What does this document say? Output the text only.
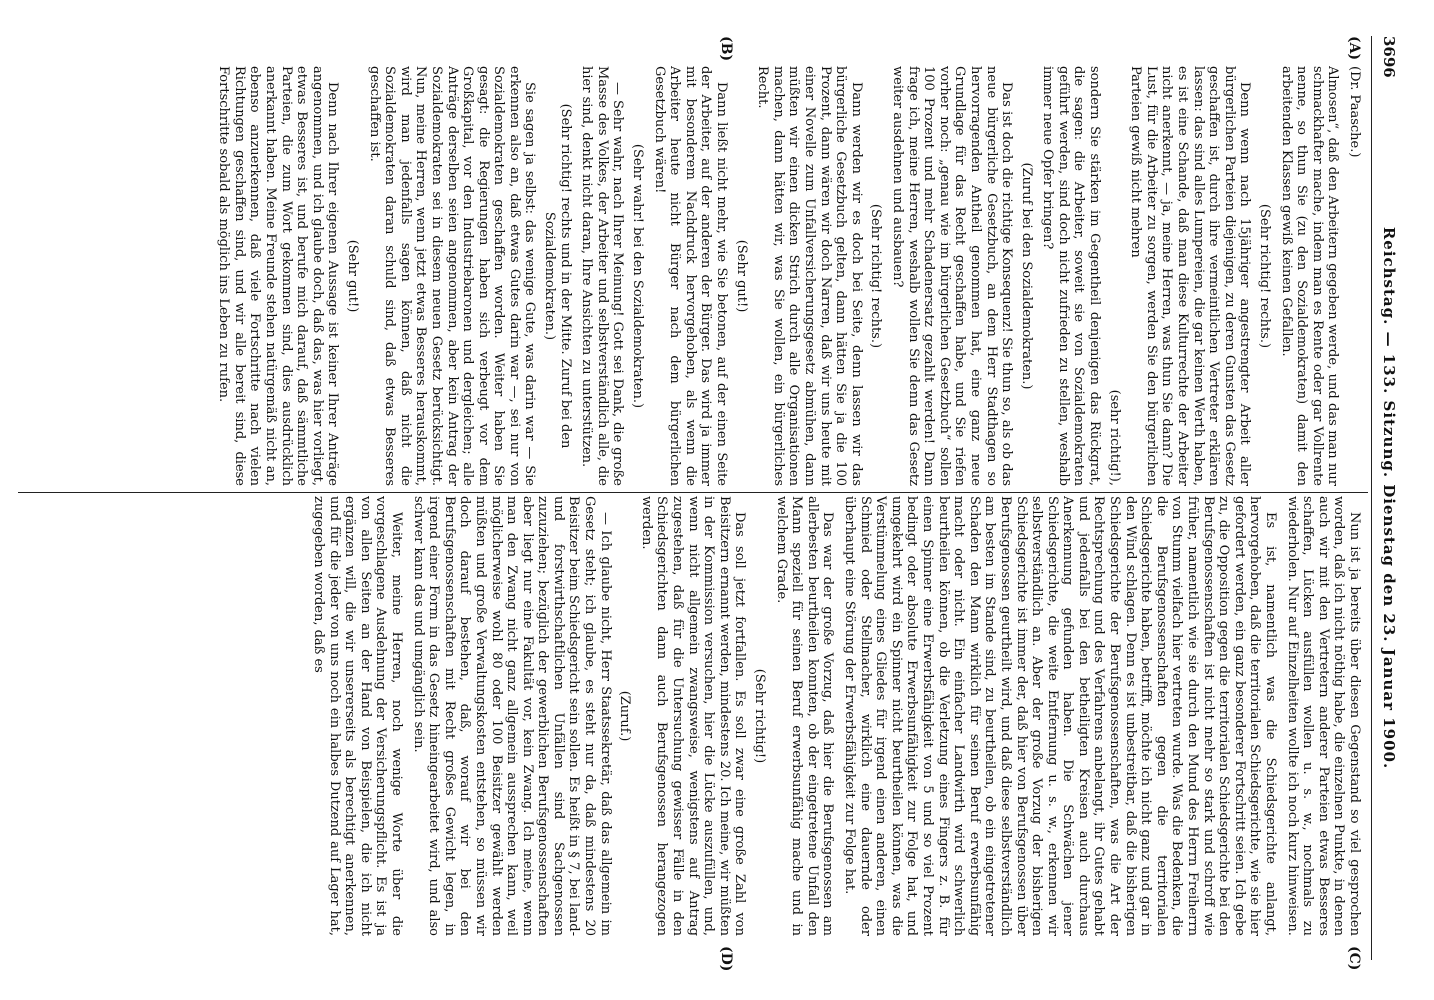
3696
Reichstag. — 133. Sitzung. Dienstag den 23. Januar 1900.
(A)
(B)
(C)
(D)

(Dr. Paasche.)

Almosen“, daß den Arbeitern gegeben werde, und das man nur schmackhafter mache, indem man es Rente oder gar Vollrente nenne, so thun Sie (zu den Sozialdemokraten) damit den arbeitenden Klassen gewiß keinen Gefallen.

(Sehr richtig! rechts.)

Denn wenn nach 15jähriger angestrengter Arbeit aller bürgerlichen Parteien diejenigen, zu deren Gunsten das Gesetz geschaffen ist, durch ihre vermeintlichen Vertreter erklären lassen: das sind alles Lumpereien, die gar keinen Werth haben, es ist eine Schande, daß man diese Kulturrechte der Arbeiter nicht anerkennt, — ja, meine Herren, was thun Sie dann? Die Lust, für die Arbeiter zu sorgen, werden Sie den bürgerlichen Parteien gewiß nicht mehren

(sehr richtig!),

sondern Sie stärken im Gegentheil denjenigen das Rückgrat, die sagen: die Arbeiter, soweit sie von Sozialdemokraten geführt werden, sind doch nicht zufrieden zu stellen, weshalb immer neue Opfer bringen?

(Zuruf bei den Sozialdemokraten.)

Das ist doch die richtige Konsequenz! Sie thun so, als ob das neue bürgerliche Gesetzbuch, an dem Herr Stadthagen so hervorragenden Antheil genommen hat, eine ganz neue Grundlage für das Recht geschaffen habe, und Sie riefen vorher noch: „genau wie im bürgerlichen Gesetzbuch“ sollen 100 Prozent und mehr Schadenersatz gezahlt werden! Dann frage ich, meine Herren, weshalb wollen Sie denn das Gesetz weiter ausdehnen und ausbauen?

(Sehr richtig! rechts.)

Dann werden wir es doch bei Seite, denn lassen wir das bürgerliche Gesetzbuch gelten, dann hätten Sie ja die 100 Prozent, dann wären wir doch Narren, daß wir uns heute mit einer Novelle zum Unfallversicherungsgesetz abmühen, dann müßten wir einen dicken Strich durch alle Organisationen machen, dann hätten wir, was Sie wollen, ein bürgerliches Recht.

(Sehr gut!)

Dann ließt nicht mehr, wie Sie betonen, auf der einen Seite der Arbeiter, auf der anderen der Bürger. Das wird ja immer mit besonderem Nachdruck hervorgehoben, als wenn die Arbeiter heute nicht Bürger nach dem bürgerlichen Gesetzbuch wären!

(Sehr wahr! bei den Sozialdemokraten.)

— Sehr wahr, nach Ihrer Meinung! Gott sei Dank, die große Masse des Volkes, der Arbeiter und selbstverständlich alle, die hier sind, denkt nicht daran, Ihre Ansichten zu unterstützen.

(Sehr richtig! rechts und in der Mitte. Zuruf bei den Sozialdemokraten.)

Sie sagen ja selbst: das wenige Gute, was darin war — Sie erkennen also an, daß etwas Gutes darin war —, sei nur von Sozialdemokraten geschaffen worden. Weiter haben Sie gesagt: die Regierungen haben sich verbeugt vor dem Großkapital, vor den Industriebaronen und dergleichen; alle Anträge derselben seien angenommen, aber kein Antrag der Sozialdemokraten sei in diesem neuen Gesetz berücksichtigt. Nun, meine Herren, wenn jetzt etwas Besseres herauskommt, wird man jedenfalls sagen können, daß nicht die Sozialdemokraten daran schuld sind, daß etwas Besseres geschaffen ist.

(Sehr gut!)

Denn nach Ihrer eigenen Aussage ist keiner Ihrer Anträge angenommen, und ich glaube doch, daß das, was hier vorliegt, etwas Besseres ist, und berufe mich darauf, daß sämmtliche Parteien, die zum Wort gekommen sind, dies ausdrücklich anerkannt haben. Meine Freunde stehen natürgemäß nicht an, ebenso anzuerkennen, daß viele Fortschritte nach vielen Richtungen geschaffen sind, und wir alle bereit sind, diese Fortschritte sobald als möglich ins Leben zu rufen.

Nun ist ja bereits über diesen Gegenstand so viel gesprochen worden, daß ich nicht nöthig habe, die einzelnen Punkte, in denen auch wir mit den Vertretern anderer Parteien etwas Besseres schaffen, Lücken ausfüllen wollen u. s. w., nochmals zu wiederholen. Nur auf Einzelheiten wollte ich noch kurz hinweisen.

Es ist, namentlich was die Schiedsgerichte anlangt, hervorgehoben, daß die territorialen Schiedsgerichte, wie sie hier gefordert werden, ein ganz besonderer Fortschritt seien. Ich gebe zu, die Opposition gegen die territorialen Schiedsgerichte bei den Berufsgenossenschaften ist nicht mehr so stark und schroff wie früher, namentlich wie sie durch den Mund des Herrn Freiherrn von Stumm vielfach hier vertreten wurde. Was die Bedenken, die die Berufsgenossenschaften gegen die territorialen Schiedsgerichte haben, betrifft, möchte ich nicht ganz und gar in den Wind schlagen. Denn es ist unbestreitbar, daß die bisherigen Schiedsgerichte der Berufsgenossenschaften, was die Art der Rechtsprechung und des Verfahrens anbelangt, ihr Gutes gehabt und jedenfalls bei den betheiligten Kreisen auch durchaus Anerkennung gefunden haben. Die Schwächen jener Schiedsgerichte, die weite Entfernung u. s. w., erkennen wir selbstverständlich an. Aber der große Vorzug der bisherigen Schiedsgerichte ist immer der, daß hier von Berufsgenossen über Berufsgenossen geurtheilt wird, und daß diese selbstverständlich am besten im Stande sind, zu beurtheilen, ob ein eingetretener Schaden den Mann wirklich für seinen Beruf erwerbsunfähig macht oder nicht. Ein einfacher Landwirth wird schwerlich beurtheilen können, ob die Verletzung eines Fingers z. B. für einen Spinner eine Erwerbsfähigkeit von 5 und so viel Prozent bedingt oder absolute Erwerbsunfähigkeit zur Folge hat, und umgekehrt wird ein Spinner nicht beurtheilen können, was die Verstümmelung eines Gliedes für irgend einen anderen, einen Schmied oder Stellmacher, wirklich eine dauernde oder überhaupt eine Störung der Erwerbsfähigkeit zur Folge hat.

Das war der große Vorzug, daß hier die Berufsgenossen am allerbesten beurtheilen konnten, ob der eingetretene Unfall den Mann speziell für seinen Beruf erwerbsunfähig mache und in welchem Grade.

(Sehr richtig!)

Das soll jetzt fortfallen. Es soll zwar eine große Zahl von Beisitzern ernannt werden, mindestens 20. Ich meine, wir müßten in der Kommission versuchen, hier die Lücke auszufüllen, und, wenn nicht allgemein zwangsweise, wenigstens auf Antrag zugestehen, daß für die Untersuchung gewisser Fälle in den Schiedsgerichten dann auch Berufsgenossen herangezogen werden.

(Zuruf.)

— Ich glaube nicht, Herr Staatssekretär, daß das allgemein im Gesetz steht; ich glaube, es steht nur da, daß mindestens 20 Beisitzer beim Schiedsgericht sein sollen. Es heißt in § 7, bei land- und forstwirthschaftlichen Unfällen sind Sachgenossen zuzuziehen; bezüglich der gewerblichen Berufsgenossenschaften aber liegt nur eine Fakultät vor, kein Zwang. Ich meine, wenn man den Zwang nicht ganz allgemein aussprechen kann, weil möglicherweise wohl 80 oder 100 Beisitzer gewählt werden müßten und große Verwaltungskosten entstehen, so müssen wir doch darauf bestehen, daß, worauf wir bei den Berufsgenossenschaften mit Recht großes Gewicht legen, in irgend einer Form in das Gesetz hineingearbeitet wird, und also schwer kann das und umgänglich sein.

Weiter, meine Herren, noch wenige Worte über die vorgeschlagene Ausdehnung der Versicherungspflicht. Es ist ja von allen Seiten an der Hand von Beispielen, die ich nicht ergänzen will, die wir unsererseits als berechtigt anerkennen, und für die jeder von uns noch ein halbes Dutzend auf Lager hat, zugegeben worden, daß es
